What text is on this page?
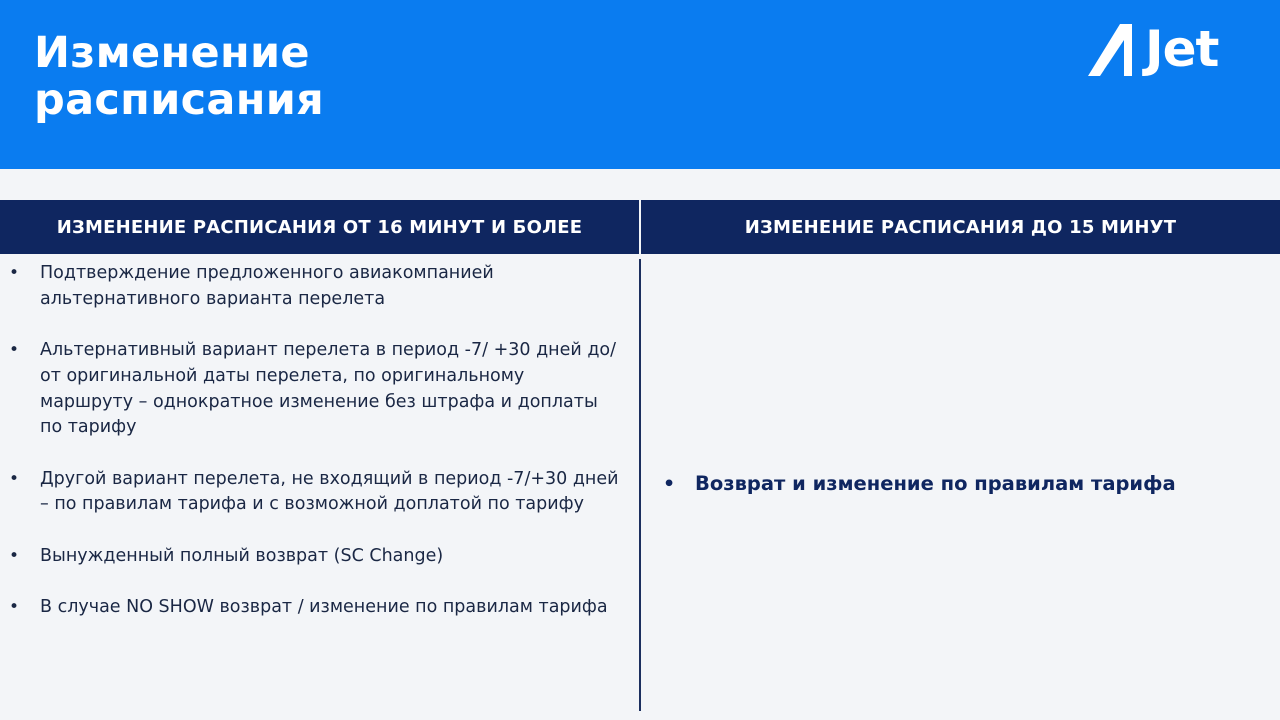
Изменение
расписания
Jet
ИЗМЕНЕНИЕ РАСПИСАНИЯ ОТ 16 МИНУТ И БОЛЕЕ	ИЗМЕНЕНИЕ РАСПИСАНИЯ ДО 15 МИНУТ
• Подтверждение предложенного авиакомпанией альтернативного варианта перелета
• Альтернативный вариант перелета в период -7/ +30 дней до/от оригинальной даты перелета, по оригинальному маршруту – однократное изменение без штрафа и доплаты по тарифу
• Другой вариант перелета, не входящий в период -7/+30 дней – по правилам тарифа и с возможной доплатой по тарифу
• Вынужденный полный возврат (SC Change)
• В случае NO SHOW возврат / изменение по правилам тарифа
•	Возврат и изменение по правилам тарифа
